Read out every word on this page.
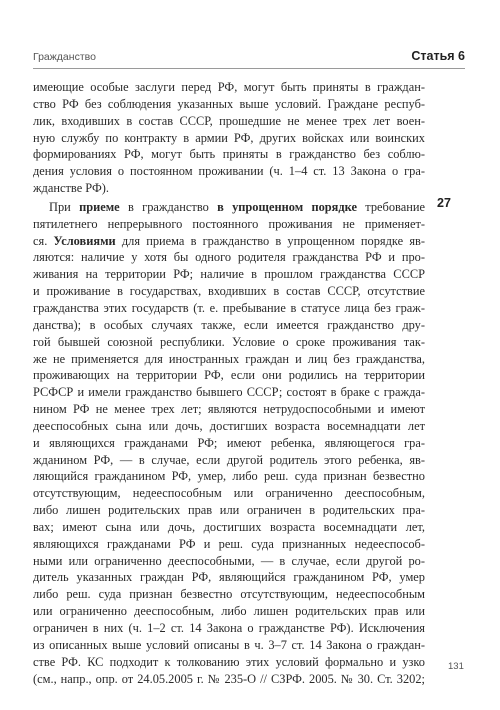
Гражданство	Статья 6
имеющие особые заслуги перед РФ, могут быть приняты в граждан-
ство РФ без соблюдения указанных выше условий. Граждане респуб-
лик, входивших в состав СССР, прошедшие не менее трех лет воен-
ную службу по контракту в армии РФ, других войсках или воинских
формированиях РФ, могут быть приняты в гражданство без соблю-
дения условия о постоянном проживании (ч. 1–4 ст. 13 Закона о гра-
жданстве РФ).
При приеме в гражданство в упрощенном порядке требование
пятилетнего непрерывного постоянного проживания не применяет-
ся. Условиями для приема в гражданство в упрощенном порядке яв-
ляются: наличие у хотя бы одного родителя гражданства РФ и про-
живания на территории РФ; наличие в прошлом гражданства СССР
и проживание в государствах, входивших в состав СССР, отсутствие
гражданства этих государств (т. е. пребывание в статусе лица без граж-
данства); в особых случаях также, если имеется гражданство дру-
гой бывшей союзной республики. Условие о сроке проживания так-
же не применяется для иностранных граждан и лиц без гражданства,
проживающих на территории РФ, если они родились на территории
РСФСР и имели гражданство бывшего СССР; состоят в браке с гражда-
нином РФ не менее трех лет; являются нетрудоспособными и имеют
дееспособных сына или дочь, достигших возраста восемнадцати лет
и являющихся гражданами РФ; имеют ребенка, являющегося гра-
жданином РФ, — в случае, если другой родитель этого ребенка, яв-
ляющийся гражданином РФ, умер, либо реш. суда признан безвестно
отсутствующим, недееспособным или ограниченно дееспособным,
либо лишен родительских прав или ограничен в родительских пра-
вах; имеют сына или дочь, достигших возраста восемнадцати лет,
являющихся гражданами РФ и реш. суда признанных недееспособ-
ными или ограниченно дееспособными, — в случае, если другой ро-
дитель указанных граждан РФ, являющийся гражданином РФ, умер
либо реш. суда признан безвестно отсутствующим, недееспособным
или ограниченно дееспособным, либо лишен родительских прав или
ограничен в них (ч. 1–2 ст. 14 Закона о гражданстве РФ). Исключения
из описанных выше условий описаны в ч. 3–7 ст. 14 Закона о граждан-
стве РФ. КС подходит к толкованию этих условий формально и узко
(см., напр., опр. от 24.05.2005 г. № 235-О // СЗРФ. 2005. № 30. Ст. 3202;
27
131
